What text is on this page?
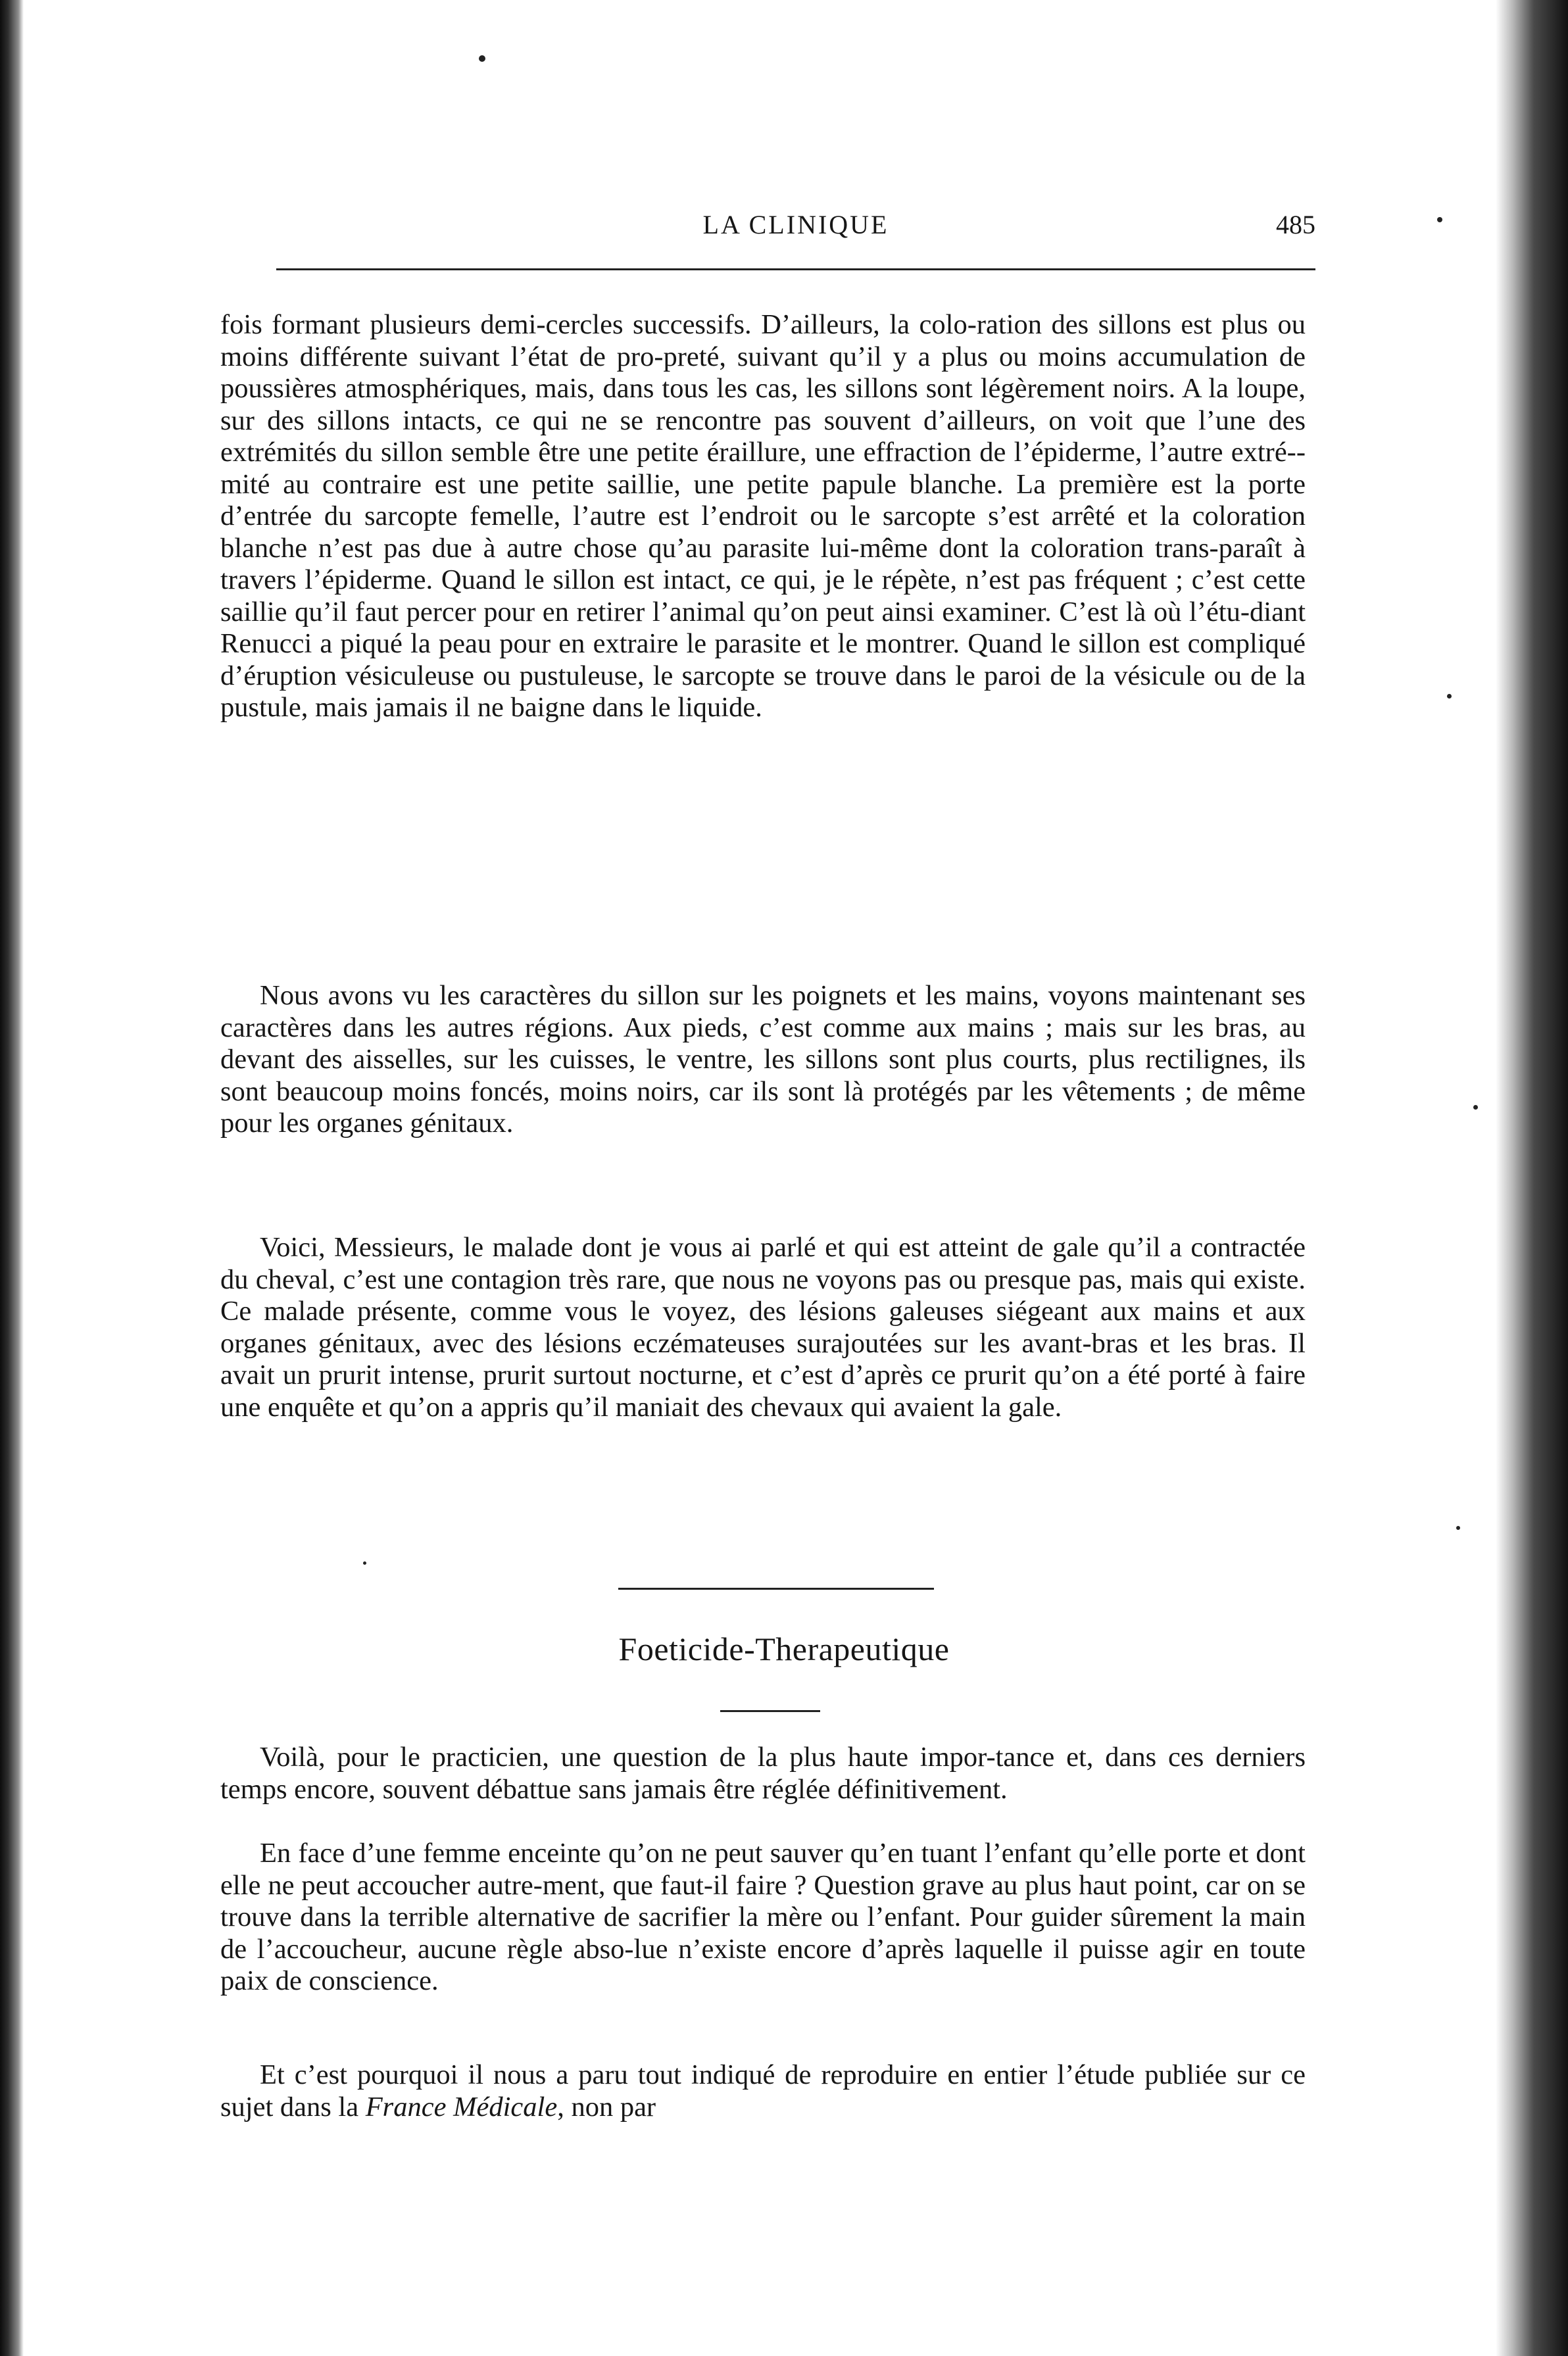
LA CLINIQUE	485

fois formant plusieurs demi-cercles successifs. D’ailleurs, la colo-ration des sillons est plus ou moins différente suivant l’état de pro-preté, suivant qu’il y a plus ou moins accumulation de poussières atmosphériques, mais, dans tous les cas, les sillons sont légèrement noirs. A la loupe, sur des sillons intacts, ce qui ne se rencontre pas souvent d’ailleurs, on voit que l’une des extrémités du sillon semble être une petite éraillure, une effraction de l’épiderme, l’autre extré-mité au contraire est une petite saillie, une petite papule blanche. La première est la porte d’entrée du sarcopte femelle, l’autre est l’endroit ou le sarcopte s’est arrêté et la coloration blanche n’est pas due à autre chose qu’au parasite lui-même dont la coloration trans-paraît à travers l’épiderme. Quand le sillon est intact, ce qui, je le répète, n’est pas fréquent ; c’est cette saillie qu’il faut percer pour en retirer l’animal qu’on peut ainsi examiner. C’est là où l’étu-diant Renucci a piqué la peau pour en extraire le parasite et le montrer. Quand le sillon est compliqué d’éruption vésiculeuse ou pustuleuse, le sarcopte se trouve dans le paroi de la vésicule ou de la pustule, mais jamais il ne baigne dans le liquide.

Nous avons vu les caractères du sillon sur les poignets et les mains, voyons maintenant ses caractères dans les autres régions. Aux pieds, c’est comme aux mains ; mais sur les bras, au devant des aisselles, sur les cuisses, le ventre, les sillons sont plus courts, plus rectilignes, ils sont beaucoup moins foncés, moins noirs, car ils sont là protégés par les vêtements ; de même pour les organes génitaux.

Voici, Messieurs, le malade dont je vous ai parlé et qui est atteint de gale qu’il a contractée du cheval, c’est une contagion très rare, que nous ne voyons pas ou presque pas, mais qui existe. Ce malade présente, comme vous le voyez, des lésions galeuses siégeant aux mains et aux organes génitaux, avec des lésions eczémateuses surajoutées sur les avant-bras et les bras. Il avait un prurit intense, prurit surtout nocturne, et c’est d’après ce prurit qu’on a été porté à faire une enquête et qu’on a appris qu’il maniait des chevaux qui avaient la gale.

Foeticide-Therapeutique

Voilà, pour le practicien, une question de la plus haute impor-tance et, dans ces derniers temps encore, souvent débattue sans jamais être réglée définitivement.

En face d’une femme enceinte qu’on ne peut sauver qu’en tuant l’enfant qu’elle porte et dont elle ne peut accoucher autre-ment, que faut-il faire ? Question grave au plus haut point, car on se trouve dans la terrible alternative de sacrifier la mère ou l’enfant. Pour guider sûrement la main de l’accoucheur, aucune règle abso-lue n’existe encore d’après laquelle il puisse agir en toute paix de conscience.

Et c’est pourquoi il nous a paru tout indiqué de reproduire en entier l’étude publiée sur ce sujet dans la France Médicale, non par
